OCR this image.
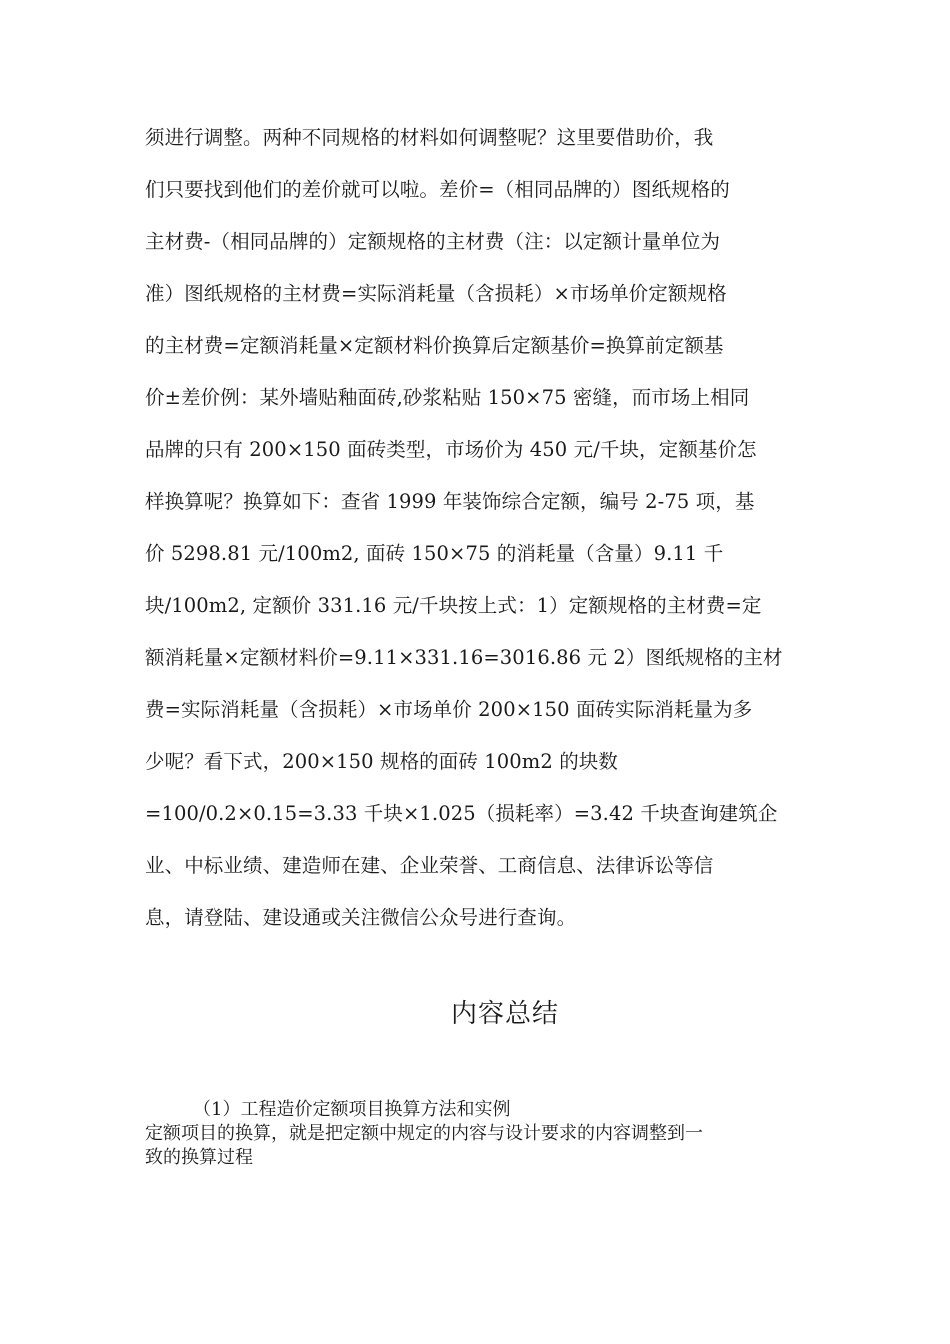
须进行调整。两种不同规格的材料如何调整呢？这里要借助价，我
们只要找到他们的差价就可以啦。差价=（相同品牌的）图纸规格的
主材费-（相同品牌的）定额规格的主材费（注：以定额计量单位为
准）图纸规格的主材费=实际消耗量（含损耗）×市场单价定额规格
的主材费=定额消耗量×定额材料价换算后定额基价=换算前定额基
价±差价例：某外墙贴釉面砖,砂浆粘贴 150×75 密缝，而市场上相同
品牌的只有 200×150 面砖类型，市场价为 450 元/千块，定额基价怎
样换算呢？换算如下：查省 1999 年装饰综合定额，编号 2-75 项，基
价 5298.81 元/100m2, 面砖 150×75 的消耗量（含量）9.11 千
块/100m2, 定额价 331.16 元/千块按上式：1）定额规格的主材费=定
额消耗量×定额材料价=9.11×331.16=3016.86 元 2）图纸规格的主材
费=实际消耗量（含损耗）×市场单价 200×150 面砖实际消耗量为多
少呢？看下式，200×150 规格的面砖 100m2 的块数
=100/0.2×0.15=3.33 千块×1.025（损耗率）=3.42 千块查询建筑企
业、中标业绩、建造师在建、企业荣誉、工商信息、法律诉讼等信
息，请登陆、建设通或关注微信公众号进行查询。
内容总结
（1）工程造价定额项目换算方法和实例
定额项目的换算，就是把定额中规定的内容与设计要求的内容调整到一
致的换算过程
